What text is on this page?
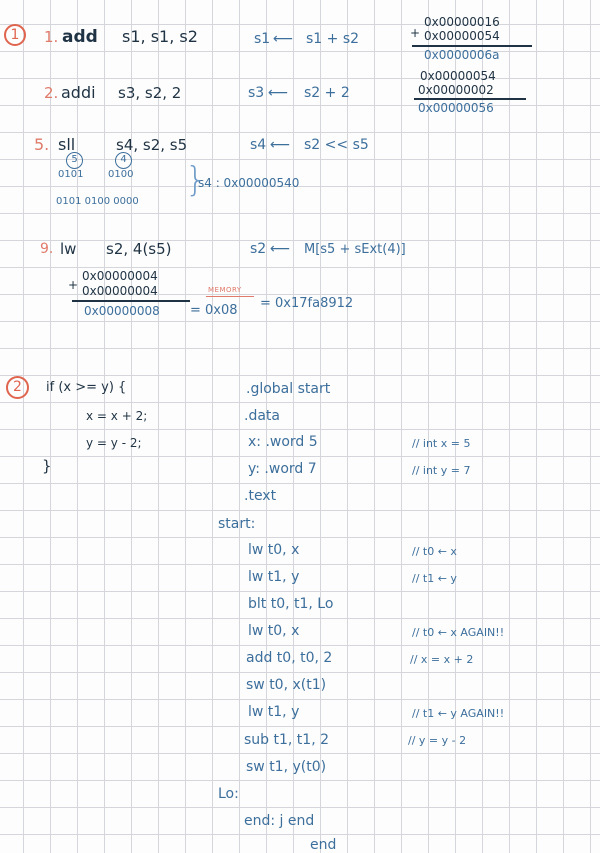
1	1. add s1, s1, s2	s1 ⟵ s1 + s2
0x00000016
+ 0x00000054
0x0000006a
2. addi s3, s2, 2	s3 ⟵ s2 + 2
0x00000054
0x00000002
0x00000056
5. sll	s4, s2, s5	s4 ⟵ s2 << s5
5	4
0101 0100
0101 0100 0000
}
s4 : 0x00000540
9. lw s2, 4(s5)	s2 ⟵ M[s5 + sExt(4)]
0x00000004
+ 0x00000004
0x00000008 = 0x08
MEMORY
= 0x17fa8912
2	if (x >= y) {
x = x + 2;
y = y - 2;
}
.global start
.data
x: .word 5	// int x = 5
y: .word 7	// int y = 7
.text
start:
lw t0, x	// t0 ← x
lw t1, y	// t1 ← y
blt t0, t1, Lo
lw t0, x	// t0 ← x AGAIN!!
add t0, t0, 2	// x = x + 2
sw t0, x(t1)
lw t1, y	// t1 ← y AGAIN!!
sub t1, t1, 2	// y = y - 2
sw t1, y(t0)
Lo:
end: j end
end
